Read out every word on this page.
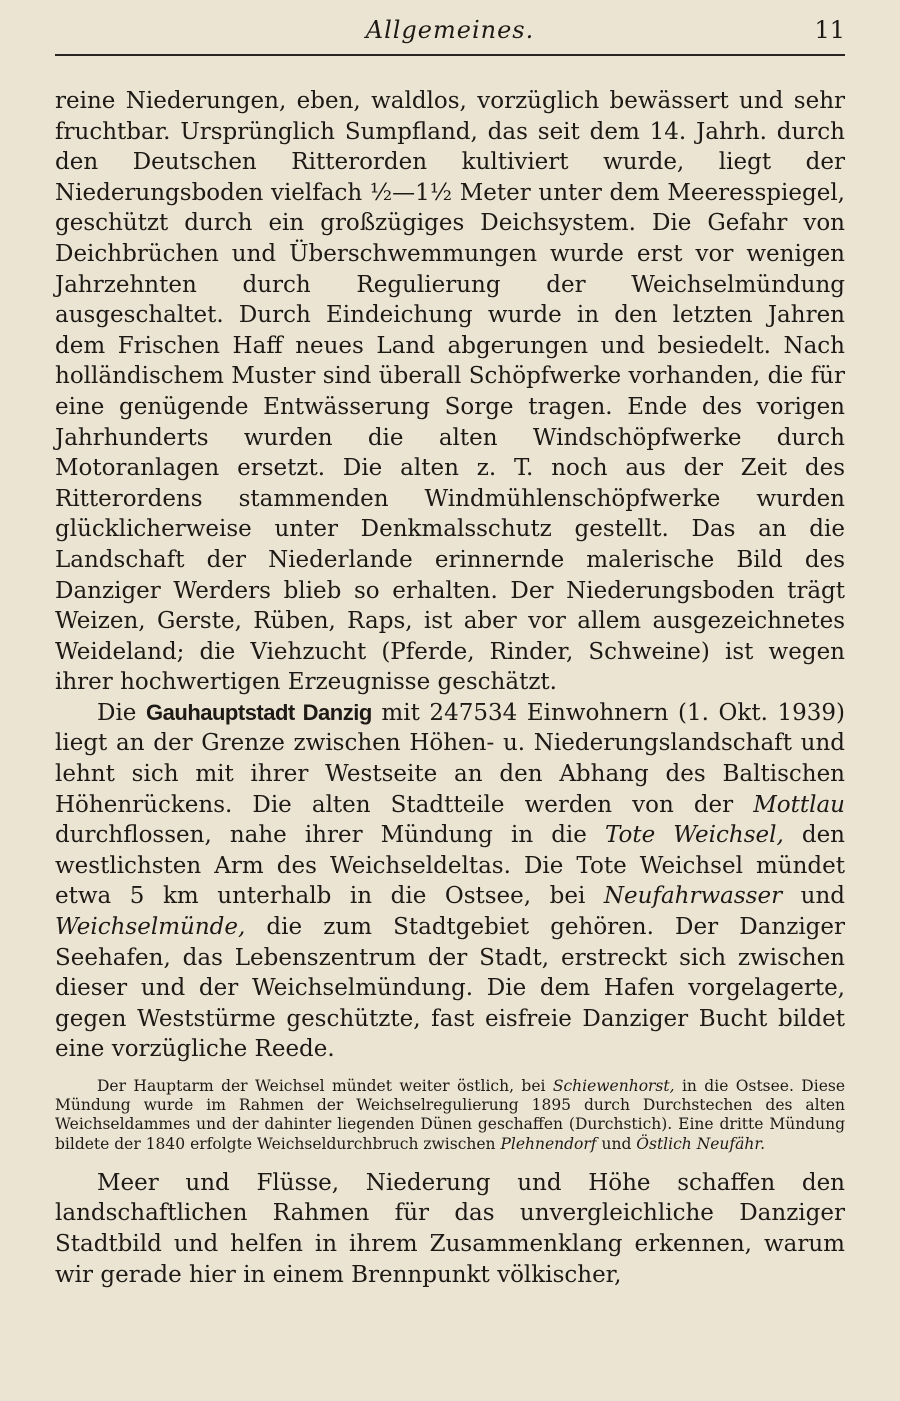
Allgemeines.	11

reine Niederungen, eben, waldlos, vorzüglich bewässert und sehr fruchtbar. Ursprünglich Sumpfland, das seit dem 14. Jahrh. durch den Deutschen Ritterorden kultiviert wurde, liegt der Niederungsboden vielfach ½—1½ Meter unter dem Meeresspiegel, geschützt durch ein großzügiges Deichsystem. Die Gefahr von Deichbrüchen und Überschwemmungen wurde erst vor wenigen Jahrzehnten durch Regulierung der Weichselmündung ausgeschaltet. Durch Eindeichung wurde in den letzten Jahren dem Frischen Haff neues Land abgerungen und besiedelt. Nach holländischem Muster sind überall Schöpfwerke vorhanden, die für eine genügende Entwässerung Sorge tragen. Ende des vorigen Jahrhunderts wurden die alten Windschöpfwerke durch Motoranlagen ersetzt. Die alten z. T. noch aus der Zeit des Ritterordens stammenden Windmühlenschöpfwerke wurden glücklicherweise unter Denkmalsschutz gestellt. Das an die Landschaft der Niederlande erinnernde malerische Bild des Danziger Werders blieb so erhalten. Der Niederungsboden trägt Weizen, Gerste, Rüben, Raps, ist aber vor allem ausgezeichnetes Weideland; die Viehzucht (Pferde, Rinder, Schweine) ist wegen ihrer hochwertigen Erzeugnisse geschätzt.

Die Gauhauptstadt Danzig mit 247534 Einwohnern (1. Okt. 1939) liegt an der Grenze zwischen Höhen- u. Niederungslandschaft und lehnt sich mit ihrer Westseite an den Abhang des Baltischen Höhenrückens. Die alten Stadtteile werden von der Mottlau durchflossen, nahe ihrer Mündung in die Tote Weichsel, den westlichsten Arm des Weichseldeltas. Die Tote Weichsel mündet etwa 5 km unterhalb in die Ostsee, bei Neufahrwasser und Weichselmünde, die zum Stadtgebiet gehören. Der Danziger Seehafen, das Lebenszentrum der Stadt, erstreckt sich zwischen dieser und der Weichselmündung. Die dem Hafen vorgelagerte, gegen Weststürme geschützte, fast eisfreie Danziger Bucht bildet eine vorzügliche Reede.

Der Hauptarm der Weichsel mündet weiter östlich, bei Schiewenhorst, in die Ostsee. Diese Mündung wurde im Rahmen der Weichselregulierung 1895 durch Durchstechen des alten Weichseldammes und der dahinter liegenden Dünen geschaffen (Durchstich). Eine dritte Mündung bildete der 1840 erfolgte Weichseldurchbruch zwischen Plehnendorf und Östlich Neufähr.

Meer und Flüsse, Niederung und Höhe schaffen den landschaftlichen Rahmen für das unvergleichliche Danziger Stadtbild und helfen in ihrem Zusammenklang erkennen, warum wir gerade hier in einem Brennpunkt völkischer,
